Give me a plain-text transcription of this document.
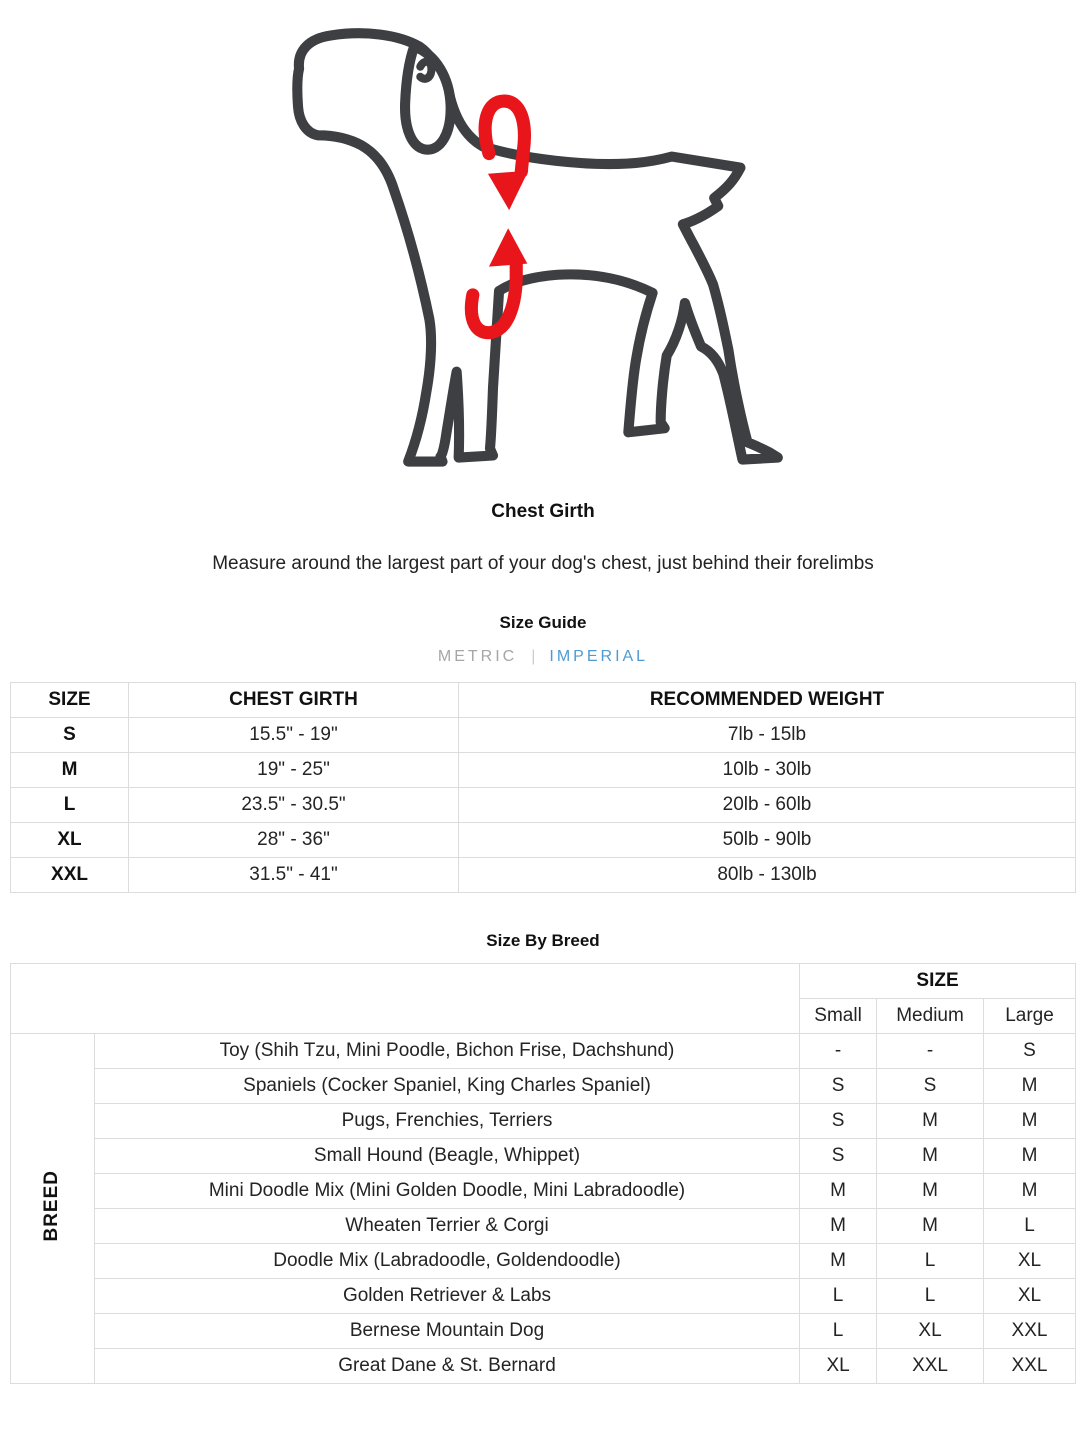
Chest Girth
Measure around the largest part of your dog's chest, just behind their forelimbs
Size Guide
METRIC | IMPERIAL
SIZE	CHEST GIRTH	RECOMMENDED WEIGHT
S	15.5" - 19"	7lb - 15lb
M	19" - 25"	10lb - 30lb
L	23.5" - 30.5"	20lb - 60lb
XL	28" - 36"	50lb - 90lb
XXL	31.5" - 41"	80lb - 130lb
Size By Breed
		SIZE		
		Small	Medium	Large
BREED	Toy (Shih Tzu, Mini Poodle, Bichon Frise, Dachshund)	-	-	S
	Spaniels (Cocker Spaniel, King Charles Spaniel)	S	S	M
	Pugs, Frenchies, Terriers	S	M	M
	Small Hound (Beagle, Whippet)	S	M	M
	Mini Doodle Mix (Mini Golden Doodle, Mini Labradoodle)	M	M	M
	Wheaten Terrier & Corgi	M	M	L
	Doodle Mix (Labradoodle, Goldendoodle)	M	L	XL
	Golden Retriever & Labs	L	L	XL
	Bernese Mountain Dog	L	XL	XXL
	Great Dane & St. Bernard	XL	XXL	XXL
